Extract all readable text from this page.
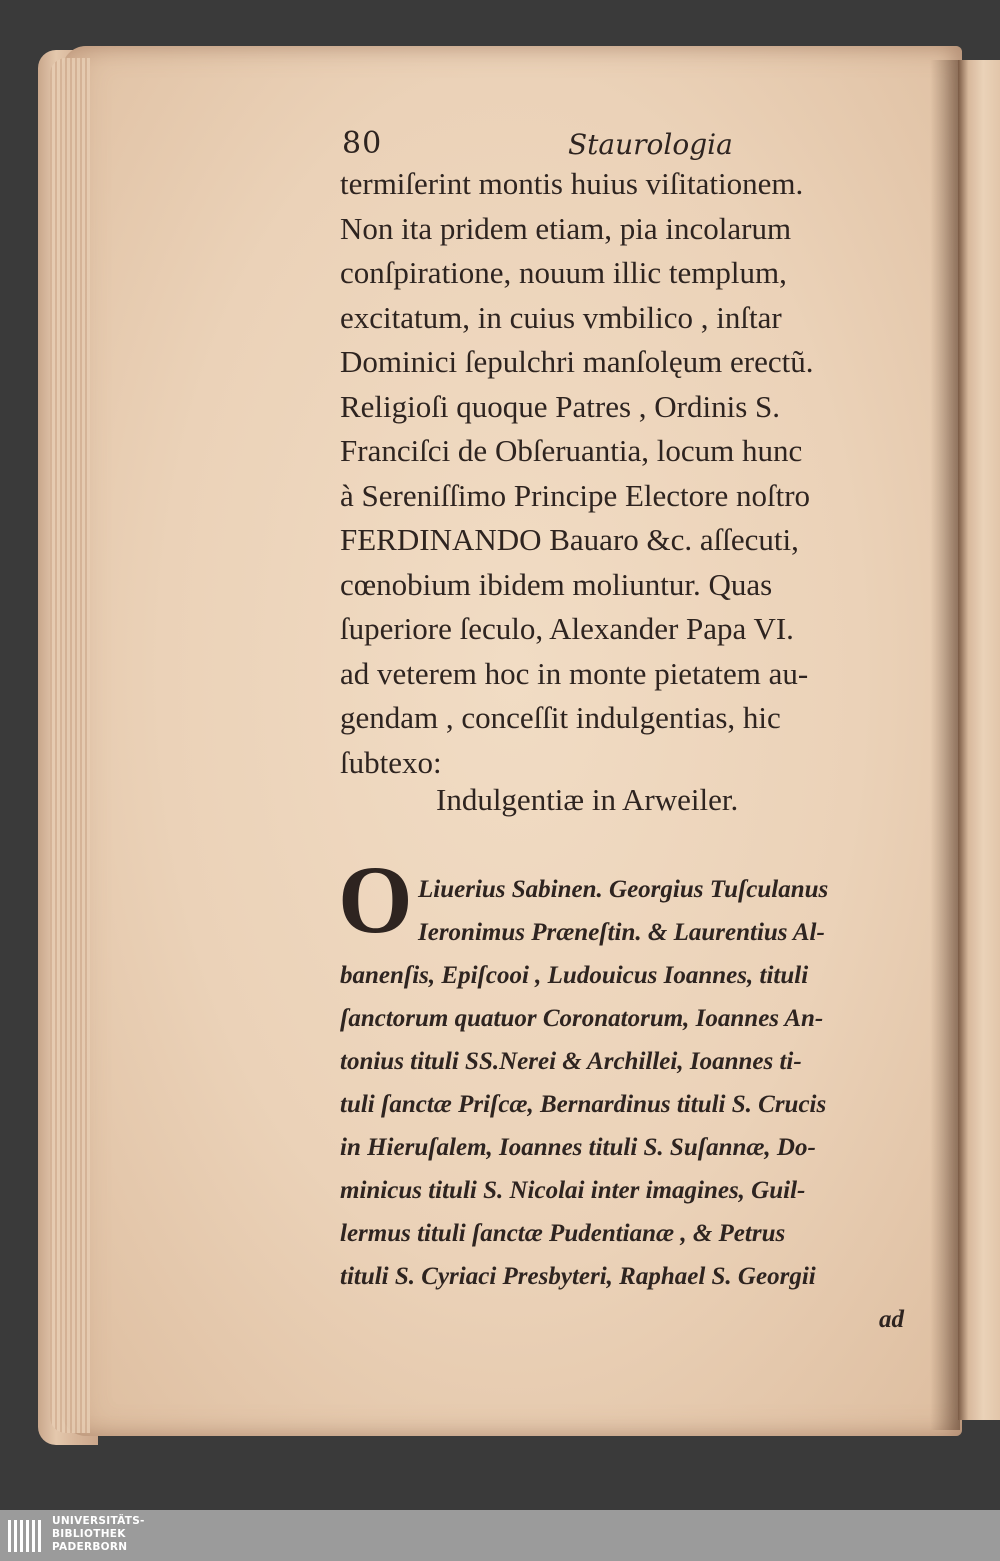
80	Staurologia
termiſerint montis huius viſitationem.
Non ita pridem etiam, pia incolarum
conſpiratione, nouum illic templum,
excitatum, in cuius vmbilico , inſtar
Dominici ſepulchri manſolęum erectũ.
Religioſi quoque Patres , Ordinis S.
Franciſci de Obſeruantia, locum hunc
à Sereniſſimo Principe Electore noſtro
FERDINANDO Bauaro &c. aſſecuti,
cœnobium ibidem moliuntur. Quas
ſuperiore ſeculo, Alexander Papa VI.
ad veterem hoc in monte pietatem au-
gendam , conceſſit indulgentias, hic
ſubtexo:
Indulgentiæ in Arweiler.
O Liuerius Sabinen. Georgius Tuſculanus
Ieronimus Præneſtin. & Laurentius Al-
banenſis, Epiſcooi , Ludouicus Ioannes, tituli
ſanctorum quatuor Coronatorum, Ioannes An-
tonius tituli SS.Nerei & Archillei, Ioannes ti-
tuli ſanctæ Priſcæ, Bernardinus tituli S. Crucis
in Hieruſalem, Ioannes tituli S. Suſannæ, Do-
minicus tituli S. Nicolai inter imagines, Guil-
lermus tituli ſanctæ Pudentianæ , & Petrus
tituli S. Cyriaci Presbyteri, Raphael S. Georgii
ad
UNIVERSITÄTS-
BIBLIOTHEK
PADERBORN
